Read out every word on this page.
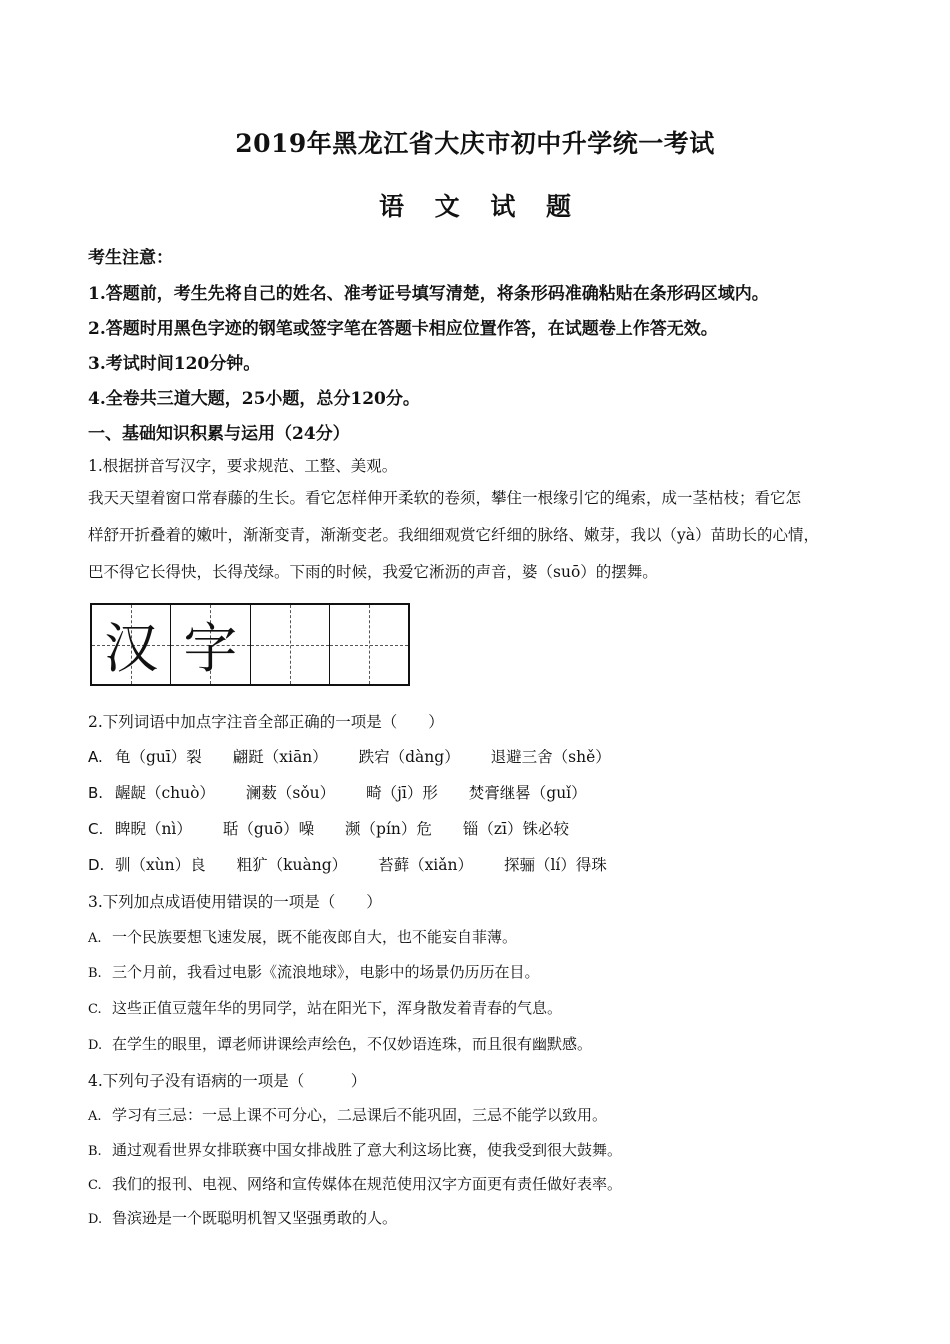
2019年黑龙江省大庆市初中升学统一考试
语 文 试 题
考生注意：
1.答题前，考生先将自己的姓名、准考证号填写清楚，将条形码准确粘贴在条形码区域内。
2.答题时用黑色字迹的钢笔或签字笔在答题卡相应位置作答，在试题卷上作答无效。
3.考试时间120分钟。
4.全卷共三道大题，25小题，总分120分。
一、基础知识积累与运用（24分）
1.根据拼音写汉字，要求规范、工整、美观。
我天天望着窗口常春藤的生长。看它怎样伸开柔软的卷须，攀住一根缘引它的绳索，成一茎枯枝；看它怎
样舒开折叠着的嫩叶，渐渐变青，渐渐变老。我细细观赏它纤细的脉络、嫩芽，我以（yà）苗助长的心情，
巴不得它长得快，长得茂绿。下雨的时候，我爱它淅沥的声音，婆（suō）的摆舞。
汉 字
2.下列词语中加点字注音全部正确的一项是（　　）
A. 龟（guī）裂 翩跹（xiān） 跌宕（dàng） 退避三舍（shě）
B. 龌龊（chuò） 澜薮（sǒu） 畸（jī）形 焚膏继晷（guǐ）
C. 睥睨（nì） 聒（guō）噪 濒（pín）危 锱（zī）铢必较
D. 驯（xùn）良 粗犷（kuàng） 苔藓（xiǎn） 探骊（lí）得珠
3.下列加点成语使用错误的一项是（　　）
A. 一个民族要想飞速发展，既不能夜郎自大，也不能妄自菲薄。
B. 三个月前，我看过电影《流浪地球》，电影中的场景仍历历在目。
C. 这些正值豆蔻年华的男同学，站在阳光下，浑身散发着青春的气息。
D. 在学生的眼里，谭老师讲课绘声绘色，不仅妙语连珠，而且很有幽默感。
4.下列句子没有语病的一项是（　　　）
A. 学习有三忌：一忌上课不可分心，二忌课后不能巩固，三忌不能学以致用。
B. 通过观看世界女排联赛中国女排战胜了意大利这场比赛，使我受到很大鼓舞。
C. 我们的报刊、电视、网络和宣传媒体在规范使用汉字方面更有责任做好表率。
D. 鲁滨逊是一个既聪明机智又坚强勇敢的人。
